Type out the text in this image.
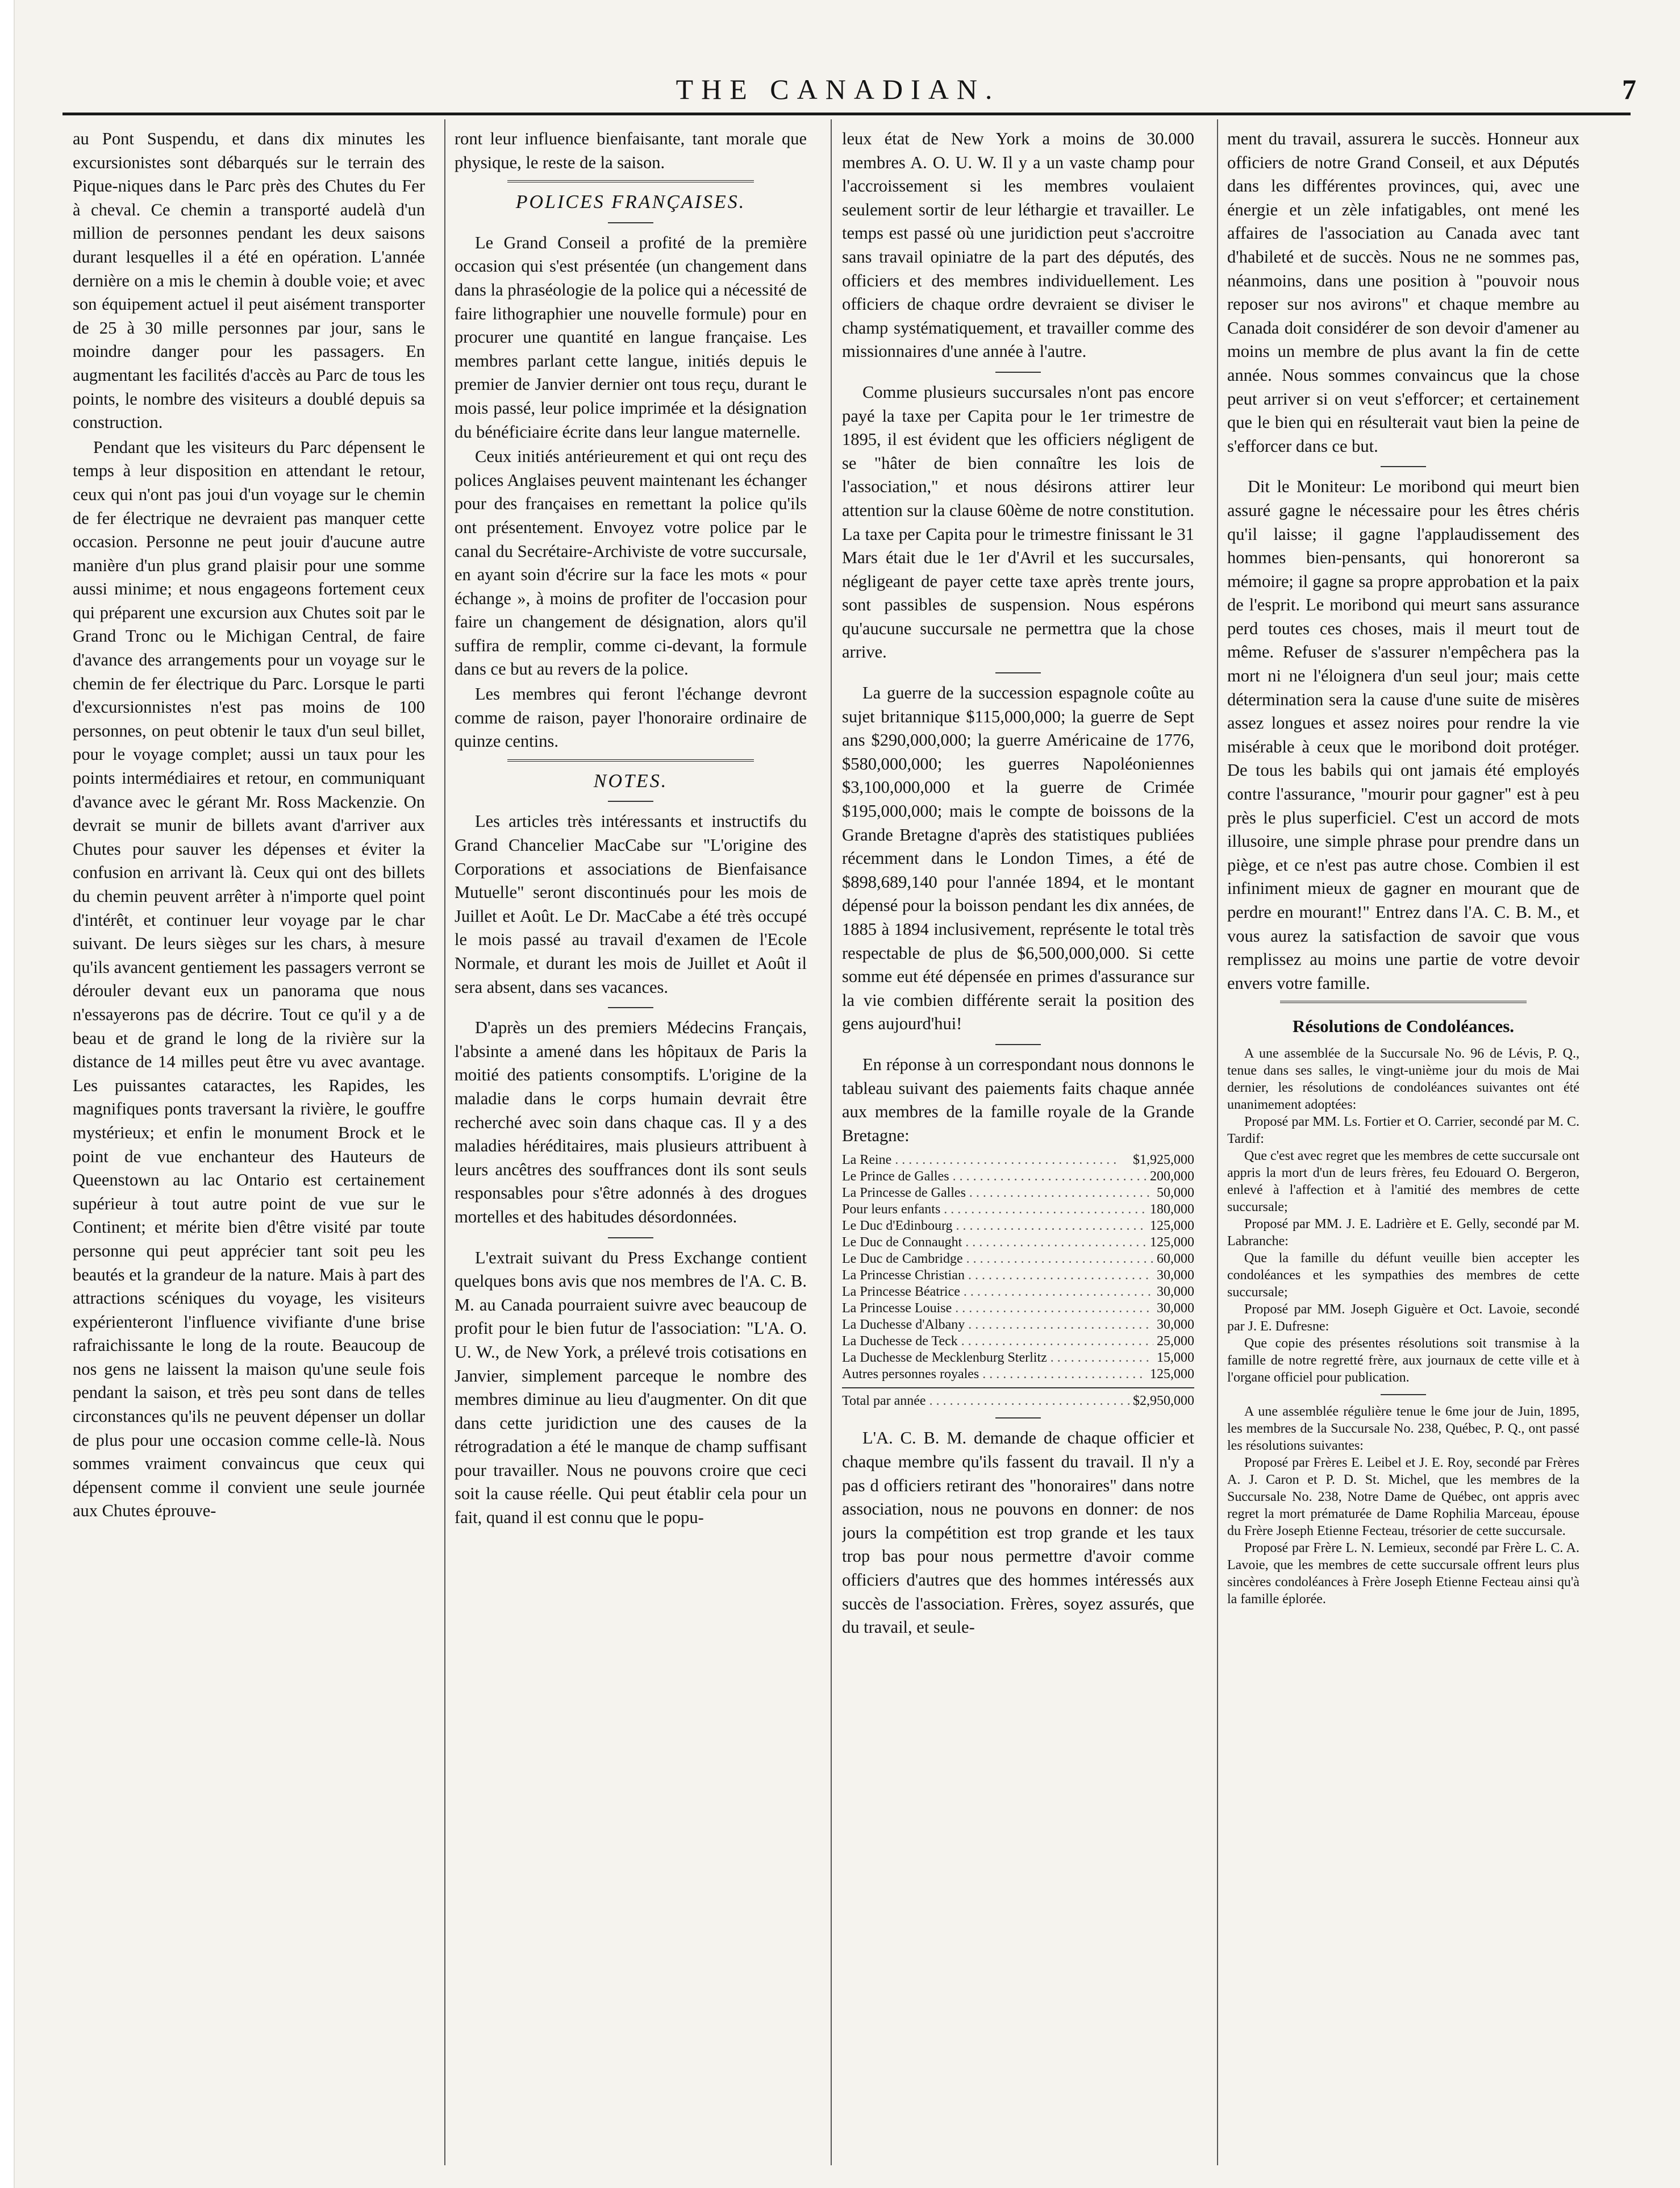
THE CANADIAN.	7

au Pont Suspendu, et dans dix minutes les excursionistes sont débarqués sur le terrain des Pique-niques dans le Parc près des Chutes du Fer à cheval. Ce chemin a transporté audelà d'un million de personnes pendant les deux saisons durant lesquelles il a été en opération. L'année dernière on a mis le chemin à double voie; et avec son équipement actuel il peut aisément transporter de 25 à 30 mille personnes par jour, sans le moindre danger pour les passagers. En augmentant les facilités d'accès au Parc de tous les points, le nombre des visiteurs a doublé depuis sa construction.

Pendant que les visiteurs du Parc dépensent le temps à leur disposition en attendant le retour, ceux qui n'ont pas joui d'un voyage sur le chemin de fer électrique ne devraient pas manquer cette occasion. Personne ne peut jouir d'aucune autre manière d'un plus grand plaisir pour une somme aussi minime; et nous engageons fortement ceux qui préparent une excursion aux Chutes soit par le Grand Tronc ou le Michigan Central, de faire d'avance des arrangements pour un voyage sur le chemin de fer électrique du Parc. Lorsque le parti d'excursionnistes n'est pas moins de 100 personnes, on peut obtenir le taux d'un seul billet, pour le voyage complet; aussi un taux pour les points intermédiaires et retour, en communiquant d'avance avec le gérant Mr. Ross Mackenzie. On devrait se munir de billets avant d'arriver aux Chutes pour sauver les dépenses et éviter la confusion en arrivant là. Ceux qui ont des billets du chemin peuvent arrêter à n'importe quel point d'intérêt, et continuer leur voyage par le char suivant. De leurs sièges sur les chars, à mesure qu'ils avancent gentiement les passagers verront se dérouler devant eux un panorama que nous n'essayerons pas de décrire. Tout ce qu'il y a de beau et de grand le long de la rivière sur la distance de 14 milles peut être vu avec avantage. Les puissantes cataractes, les Rapides, les magnifiques ponts traversant la rivière, le gouffre mystérieux; et enfin le monument Brock et le point de vue enchanteur des Hauteurs de Queenstown au lac Ontario est certainement supérieur à tout autre point de vue sur le Continent; et mérite bien d'être visité par toute personne qui peut apprécier tant soit peu les beautés et la grandeur de la nature. Mais à part des attractions scéniques du voyage, les visiteurs expérienteront l'influence vivifiante d'une brise rafraichissante le long de la route. Beaucoup de nos gens ne laissent la maison qu'une seule fois pendant la saison, et très peu sont dans de telles circonstances qu'ils ne peuvent dépenser un dollar de plus pour une occasion comme celle-là. Nous sommes vraiment convaincus que ceux qui dépensent comme il convient une seule journée aux Chutes éprouve-

ront leur influence bienfaisante, tant morale que physique, le reste de la saison.

POLICES FRANÇAISES.

Le Grand Conseil a profité de la première occasion qui s'est présentée (un changement dans dans la phraséologie de la police qui a nécessité de faire lithographier une nouvelle formule) pour en procurer une quantité en langue française. Les membres parlant cette langue, initiés depuis le premier de Janvier dernier ont tous reçu, durant le mois passé, leur police imprimée et la désignation du bénéficiaire écrite dans leur langue maternelle.

Ceux initiés antérieurement et qui ont reçu des polices Anglaises peuvent maintenant les échanger pour des françaises en remettant la police qu'ils ont présentement. Envoyez votre police par le canal du Secrétaire-Archiviste de votre succursale, en ayant soin d'écrire sur la face les mots « pour échange », à moins de profiter de l'occasion pour faire un changement de désignation, alors qu'il suffira de remplir, comme ci-devant, la formule dans ce but au revers de la police.

Les membres qui feront l'échange devront comme de raison, payer l'honoraire ordinaire de quinze centins.

NOTES.

Les articles très intéressants et instructifs du Grand Chancelier MacCabe sur "L'origine des Corporations et associations de Bienfaisance Mutuelle" seront discontinués pour les mois de Juillet et Août. Le Dr. MacCabe a été très occupé le mois passé au travail d'examen de l'Ecole Normale, et durant les mois de Juillet et Août il sera absent, dans ses vacances.

D'après un des premiers Médecins Français, l'absinte a amené dans les hôpitaux de Paris la moitié des patients consomptifs. L'origine de la maladie dans le corps humain devrait être recherché avec soin dans chaque cas. Il y a des maladies héréditaires, mais plusieurs attribuent à leurs ancêtres des souffrances dont ils sont seuls responsables pour s'être adonnés à des drogues mortelles et des habitudes désordonnées.

L'extrait suivant du Press Exchange contient quelques bons avis que nos membres de l'A. C. B. M. au Canada pourraient suivre avec beaucoup de profit pour le bien futur de l'association: "L'A. O. U. W., de New York, a prélevé trois cotisations en Janvier, simplement parceque le nombre des membres diminue au lieu d'augmenter. On dit que dans cette juridiction une des causes de la rétrogradation a été le manque de champ suffisant pour travailler. Nous ne pouvons croire que ceci soit la cause réelle. Qui peut établir cela pour un fait, quand il est connu que le popu-

leux état de New York a moins de 30.000 membres A. O. U. W. Il y a un vaste champ pour l'accroissement si les membres voulaient seulement sortir de leur léthargie et travailler. Le temps est passé où une juridiction peut s'accroitre sans travail opiniatre de la part des députés, des officiers et des membres individuellement. Les officiers de chaque ordre devraient se diviser le champ systématiquement, et travailler comme des missionnaires d'une année à l'autre.

Comme plusieurs succursales n'ont pas encore payé la taxe per Capita pour le 1er trimestre de 1895, il est évident que les officiers négligent de se "hâter de bien connaître les lois de l'association," et nous désirons attirer leur attention sur la clause 60ème de notre constitution. La taxe per Capita pour le trimestre finissant le 31 Mars était due le 1er d'Avril et les succursales, négligeant de payer cette taxe après trente jours, sont passibles de suspension. Nous espérons qu'aucune succursale ne permettra que la chose arrive.

La guerre de la succession espagnole coûte au sujet britannique $115,000,000; la guerre de Sept ans $290,000,000; la guerre Américaine de 1776, $580,000,000; les guerres Napoléoniennes $3,100,000,000 et la guerre de Crimée $195,000,000; mais le compte de boissons de la Grande Bretagne d'après des statistiques publiées récemment dans le London Times, a été de $898,689,140 pour l'année 1894, et le montant dépensé pour la boisson pendant les dix années, de 1885 à 1894 inclusivement, représente le total très respectable de plus de $6,500,000,000. Si cette somme eut été dépensée en primes d'assurance sur la vie combien différente serait la position des gens aujourd'hui!

En réponse à un correspondant nous donnons le tableau suivant des paiements faits chaque année aux membres de la famille royale de la Grande Bretagne:

La Reine . . .	$1,925,000
Le Prince de Galles . . .	200,000
La Princesse de Galles . . .	50,000
Pour leurs enfants . . .	180,000
Le Duc d'Edinbourg . . .	125,000
Le Duc de Connaught . . .	125,000
Le Duc de Cambridge . . .	60,000
La Princesse Christian . . .	30,000
La Princesse Béatrice . . .	30,000
La Princesse Louise . . .	30,000
La Duchesse d'Albany . . .	30,000
La Duchesse de Teck . . .	25,000
La Duchesse de Mecklenburg Sterlitz . . .	15,000
Autres personnes royales . . .	125,000
Total par année . . .	$2,950,000

L'A. C. B. M. demande de chaque officier et chaque membre qu'ils fassent du travail. Il n'y a pas d officiers retirant des "honoraires" dans notre association, nous ne pouvons en donner: de nos jours la compétition est trop grande et les taux trop bas pour nous permettre d'avoir comme officiers d'autres que des hommes intéressés aux succès de l'association. Frères, soyez assurés, que du travail, et seule-

ment du travail, assurera le succès. Honneur aux officiers de notre Grand Conseil, et aux Députés dans les différentes provinces, qui, avec une énergie et un zèle infatigables, ont mené les affaires de l'association au Canada avec tant d'habileté et de succès. Nous ne ne sommes pas, néanmoins, dans une position à "pouvoir nous reposer sur nos avirons" et chaque membre au Canada doit considérer de son devoir d'amener au moins un membre de plus avant la fin de cette année. Nous sommes convaincus que la chose peut arriver si on veut s'efforcer; et certainement que le bien qui en résulterait vaut bien la peine de s'efforcer dans ce but.

Dit le Moniteur: Le moribond qui meurt bien assuré gagne le nécessaire pour les êtres chéris qu'il laisse; il gagne l'applaudissement des hommes bien-pensants, qui honoreront sa mémoire; il gagne sa propre approbation et la paix de l'esprit. Le moribond qui meurt sans assurance perd toutes ces choses, mais il meurt tout de même. Refuser de s'assurer n'empêchera pas la mort ni ne l'éloignera d'un seul jour; mais cette détermination sera la cause d'une suite de misères assez longues et assez noires pour rendre la vie misérable à ceux que le moribond doit protéger. De tous les babils qui ont jamais été employés contre l'assurance, "mourir pour gagner" est à peu près le plus superficiel. C'est un accord de mots illusoire, une simple phrase pour prendre dans un piège, et ce n'est pas autre chose. Combien il est infiniment mieux de gagner en mourant que de perdre en mourant!" Entrez dans l'A. C. B. M., et vous aurez la satisfaction de savoir que vous remplissez au moins une partie de votre devoir envers votre famille.

Résolutions de Condoléances.

A une assemblée de la Succursale No. 96 de Lévis, P. Q., tenue dans ses salles, le vingt-unième jour du mois de Mai dernier, les résolutions de condoléances suivantes ont été unanimement adoptées:

Proposé par MM. Ls. Fortier et O. Carrier, secondé par M. C. Tardif:

Que c'est avec regret que les membres de cette succursale ont appris la mort d'un de leurs frères, feu Edouard O. Bergeron, enlevé à l'affection et à l'amitié des membres de cette succursale;

Proposé par MM. J. E. Ladrière et E. Gelly, secondé par M. Labranche:

Que la famille du défunt veuille bien accepter les condoléances et les sympathies des membres de cette succursale;

Proposé par MM. Joseph Giguère et Oct. Lavoie, secondé par J. E. Dufresne:

Que copie des présentes résolutions soit transmise à la famille de notre regretté frère, aux journaux de cette ville et à l'organe officiel pour publication.

A une assemblée régulière tenue le 6me jour de Juin, 1895, les membres de la Succursale No. 238, Québec, P. Q., ont passé les résolutions suivantes:

Proposé par Frères E. Leibel et J. E. Roy, secondé par Frères A. J. Caron et P. D. St. Michel, que les membres de la Succursale No. 238, Notre Dame de Québec, ont appris avec regret la mort prématurée de Dame Rophilia Marceau, épouse du Frère Joseph Etienne Fecteau, trésorier de cette succursale.

Proposé par Frère L. N. Lemieux, secondé par Frère L. C. A. Lavoie, que les membres de cette succursale offrent leurs plus sincères condoléances à Frère Joseph Etienne Fecteau ainsi qu'à la famille éplorée.
